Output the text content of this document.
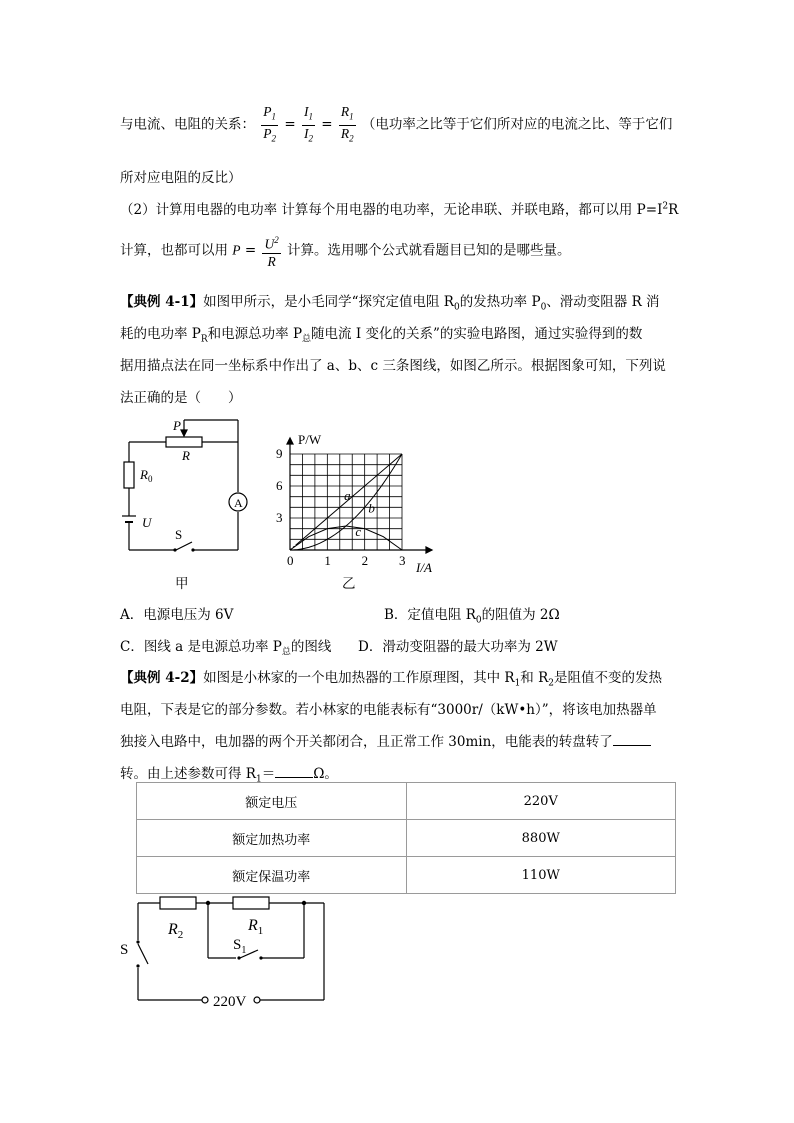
与电流、电阻的关系： $\frac{P_1}{P_2} = \frac{I_1}{I_2} = \frac{R_1}{R_2}$ （电功率之比等于它们所对应的电流之比、等于它们
所对应电阻的反比）
（2）计算用电器的电功率 计算每个用电器的电功率，无论串联、并联电路，都可以用 $P=I^2R$
计算，也都可以用 $P = \frac{U^2}{R}$ 计算。选用哪个公式就看题目已知的是哪些量。
【典例 4-1】如图甲所示，是小毛同学“探究定值电阻 $R_0$的发热功率 $P_0$、滑动变阻器 R 消
耗的电功率 $P_R$和电源总功率 $P_总$随电流 I 变化的关系”的实验电路图，通过实验得到的数
据用描点法在同一坐标系中作出了 a、b、c 三条图线，如图乙所示。根据图象可知，下列说
法正确的是（　　）
P
R
$R_0$
A
U
S
甲
0 1 2 3
3
6
9
a
b
c
P/W
I/A
乙
A．电源电压为 6V	B．定值电阻 $R_0$的阻值为 2Ω
C．图线 a 是电源总功率 $P_总$的图线 D．滑动变阻器的最大功率为 2W
【典例 4-2】如图是小林家的一个电加热器的工作原理图，其中 $R_1$和 $R_2$是阻值不变的发热
电阻，下表是它的部分参数。若小林家的电能表标有“3000r/（kW•h）”，将该电加热器单
独接入电路中，电加器的两个开关都闭合，且正常工作 30min，电能表的转盘转了
转。由上述参数可得 $R_1=$	Ω。
额定电压	220V
额定加热功率	880W
额定保温功率	110W
$R_2$
$R_1$
$S_1$
S
220V
